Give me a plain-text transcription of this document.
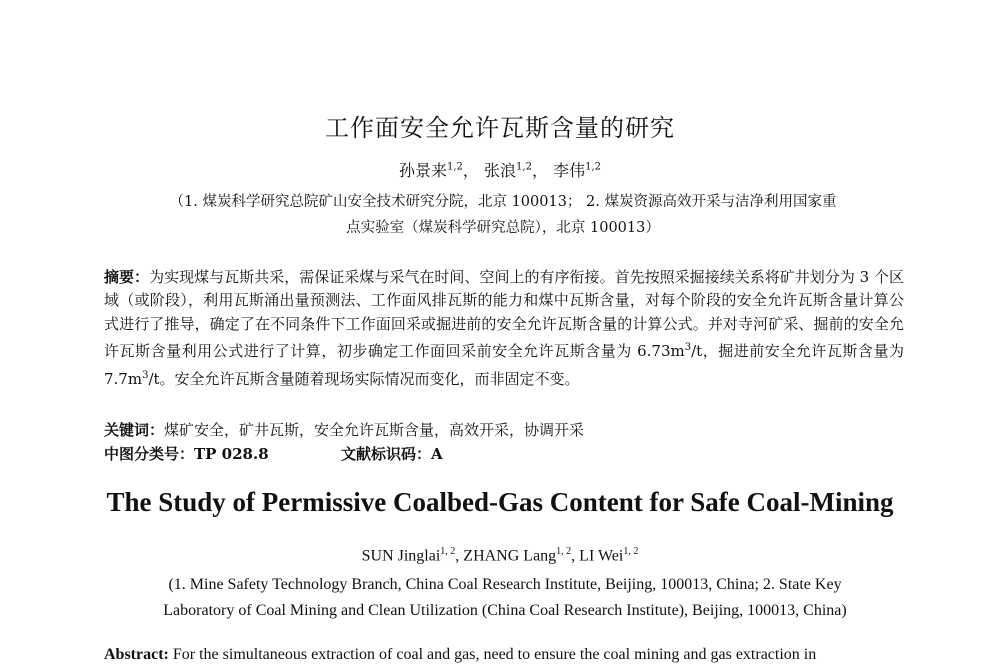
工作面安全允许瓦斯含量的研究
孙景来$^{1,2}$， 张浪$^{1,2}$， 李伟$^{1,2}$
（1. 煤炭科学研究总院矿山安全技术研究分院，北京 100013； 2. 煤炭资源高效开采与洁净利用国家重
点实验室（煤炭科学研究总院），北京 100013）
摘要：为实现煤与瓦斯共采，需保证采煤与采气在时间、空间上的有序衔接。首先按照采掘接续关系将矿井划分为 3 个区域（或阶段），利用瓦斯涌出量预测法、工作面风排瓦斯的能力和煤中瓦斯含量，对每个阶段的安全允许瓦斯含量计算公式进行了推导，确定了在不同条件下工作面回采或掘进前的安全允许瓦斯含量的计算公式。并对寺河矿采、掘前的安全允许瓦斯含量利用公式进行了计算，初步确定工作面回采前安全允许瓦斯含量为 $6.73m^3/t$，掘进前安全允许瓦斯含量为 $7.7m^3/t$。安全允许瓦斯含量随着现场实际情况而变化，而非固定不变。
关键词：煤矿安全，矿井瓦斯，安全允许瓦斯含量，高效开采，协调开采
中图分类号：TP 028.8	文献标识码：A
The Study of Permissive Coalbed-Gas Content for Safe Coal-Mining
SUN Jinglai$^{1, 2}$, ZHANG Lang$^{1, 2}$, LI Wei$^{1, 2}$
(1. Mine Safety Technology Branch, China Coal Research Institute, Beijing, 100013, China; 2. State Key
Laboratory of Coal Mining and Clean Utilization (China Coal Research Institute), Beijing, 100013, China)
Abstract: For the simultaneous extraction of coal and gas, need to ensure the coal mining and gas extraction in
